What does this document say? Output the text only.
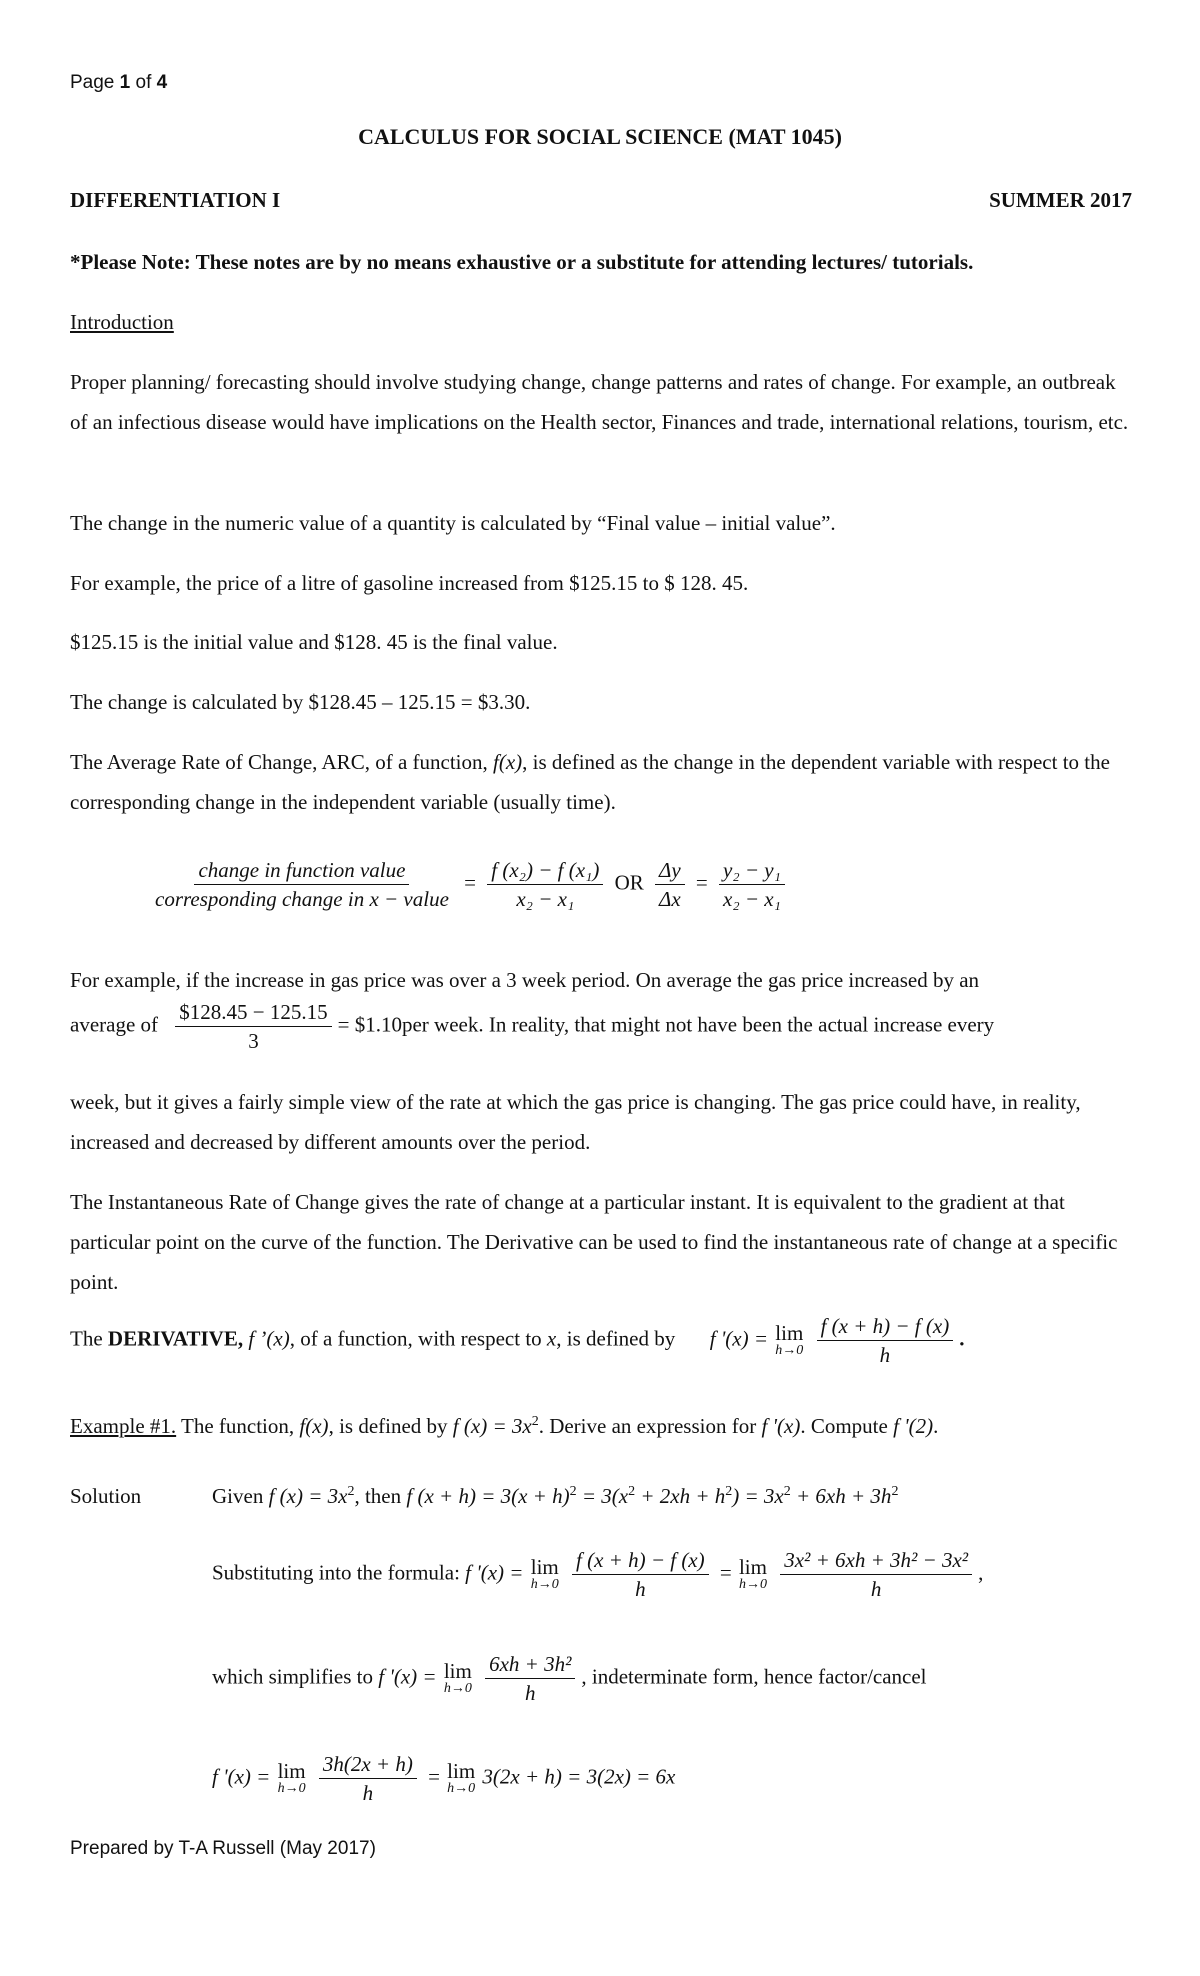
Page 1 of 4
CALCULUS FOR SOCIAL SCIENCE (MAT 1045)
DIFFERENTIATION I	SUMMER 2017
*Please Note: These notes are by no means exhaustive or a substitute for attending lectures/ tutorials.
Introduction
Proper planning/ forecasting should involve studying change, change patterns and rates of change. For example, an outbreak of an infectious disease would have implications on the Health sector, Finances and trade, international relations, tourism, etc.
The change in the numeric value of a quantity is calculated by “Final value – initial value”.
For example, the price of a litre of gasoline increased from $125.15 to $ 128. 45.
$125.15 is the initial value and $128. 45 is the final value.
The change is calculated by $128.45 – 125.15 = $3.30.
The Average Rate of Change, ARC, of a function, f(x), is defined as the change in the dependent variable with respect to the corresponding change in the independent variable (usually time).
$\frac{\text{change in function value}}{\text{corresponding change in x − value}} = \frac{\text{f (x₂) − f (x₁)}}{\text{x₂ − x₁}}$ OR $\frac{\Delta y}{\Delta x} = \frac{\text{y₂ − y₁}}{\text{x₂ − x₁}}$
For example, if the increase in gas price was over a 3 week period. On average the gas price increased by an
average of $\frac{\$128.45 - 125.15}{3}$ = $1.10per week. In reality, that might not have been the actual increase every
week, but it gives a fairly simple view of the rate at which the gas price is changing. The gas price could have, in reality, increased and decreased by different amounts over the period.
The Instantaneous Rate of Change gives the rate of change at a particular instant. It is equivalent to the gradient at that particular point on the curve of the function. The Derivative can be used to find the instantaneous rate of change at a specific point.
The DERIVATIVE, f ’(x), of a function, with respect to x, is defined by f '(x) = lim
h→0
$\frac{f (x + h) - f (x)}{h}$ .
Example #1. The function, f(x), is defined by f $(x) = 3x^2$. Derive an expression for f '(x). Compute f '(2).
Solution	Given f $(x) = 3x^2$, then f $(x + h) = 3(x + h)^2 = 3(x^2 + 2xh + h^2) = 3x^2 + 6xh + 3h^2$
Substituting into the formula: f '(x) = lim
h→0
$\frac{f (x + h) - f (x)}{h} = \lim$
h→0
$\frac{\text{3x² + 6xh + 3h² − 3x²}}{h}$ ,
which simplifies to f '(x) = lim
h→0
$\frac{\text{6xh + 3h²}}{h}$ , indeterminate form, hence factor/cancel
f '(x) = lim
h→0
$\frac{3h(2x + h)}{h} = \lim$
h→0
3(2x + h) = 3(2x) = 6x
Prepared by T-A Russell (May 2017)
